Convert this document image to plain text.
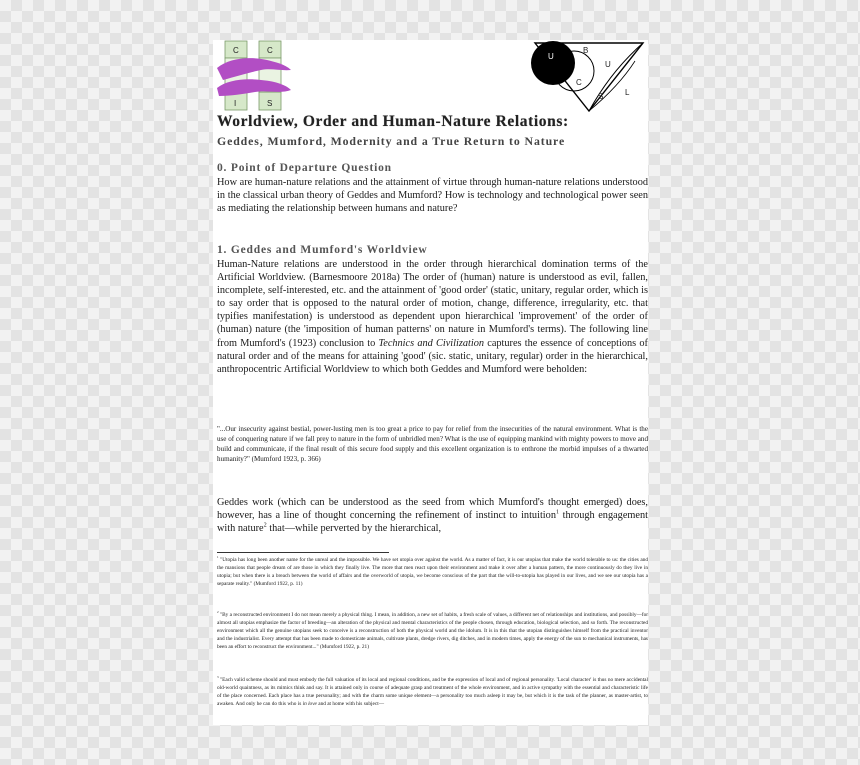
C	C
I	S
U
B
U
C
S	L
Worldview, Order and Human-Nature Relations:
Geddes, Mumford, Modernity and a True Return to Nature
0. Point of Departure Question
How are human-nature relations and the attainment of virtue through human-nature relations understood in the classical urban theory of Geddes and Mumford? How is technology and technological power seen as mediating the relationship between humans and nature?
1. Geddes and Mumford's Worldview
Human-Nature relations are understood in the order through hierarchical domination terms of the Artificial Worldview. (Barnesmoore 2018a) The order of (human) nature is understood as evil, fallen, incomplete, self-interested, etc. and the attainment of 'good order' (static, unitary, regular order, which is to say order that is opposed to the natural order of motion, change, difference, irregularity, etc. that typifies manifestation) is understood as dependent upon hierarchical 'improvement' of the order of (human) nature (the 'imposition of human patterns' on nature in Mumford's terms). The following line from Mumford's (1923) conclusion to Technics and Civilization captures the essence of conceptions of natural order and of the means for attaining 'good' (sic. static, unitary, regular) order in the hierarchical, anthropocentric Artificial Worldview to which both Geddes and Mumford were beholden:
"...Our insecurity against bestial, power-lusting men is too great a price to pay for relief from the insecurities of the natural environment. What is the use of conquering nature if we fall prey to nature in the form of unbridled men? What is the use of equipping mankind with mighty powers to move and build and communicate, if the final result of this secure food supply and this excellent organization is to enthrone the morbid impulses of a thwarted humanity?" (Mumford 1923, p. 366)
Geddes work (which can be understood as the seed from which Mumford's thought emerged) does, however, has a line of thought concerning the refinement of instinct to intuition$^1$ through engagement with nature$^2$ that—while perverted by the hierarchical,
$^1$ "Utopia has long been another name for the unreal and the impossible. We have set utopia over against the world. As a matter of fact, it is our utopias that make the world tolerable to us: the cities and the mansions that people dream of are those in which they finally live. The more that men react upon their environment and make it over after a human pattern, the more continuously do they live in utopia; but when there is a breach between the world of affairs and the overworld of utopia, we become conscious of the part that the will-to-utopia has played in our lives, and we see our utopia has a separate reality." (Mumford 1922, p. 11)
$^2$ "By a reconstructed environment I do not mean merely a physical thing. I mean, in addition, a new set of habits, a fresh scale of values, a different net of relationships and institutions, and possibly—for almost all utopias emphasize the factor of breeding—an alteration of the physical and mental characteristics of the people chosen, through education, biological selection, and so forth. The reconstructed environment which all the genuine utopians seek to conceive is a reconstruction of both the physical world and the idolum. It is in this that the utopian distinguishes himself from the practical inventor and the industrialist. Every attempt that has been made to domesticate animals, cultivate plants, dredge rivers, dig ditches, and in modern times, apply the energy of the sun to mechanical instruments, has been an effort to reconstruct the environment..." (Mumford 1922, p. 21)
$^3$ "Each valid scheme should and must embody the full valuation of its local and regional conditions, and be the expression of local and of regional personality. 'Local character' is thus no mere accidental old-world quaintness, as its mimics think and say. It is attained only in course of adequate grasp and treatment of the whole environment, and in active sympathy with the essential and characteristic life of the place concerned. Each place has a true personality; and with the charm some unique element—a personality too much asleep it may be, but which it is the task of the planner, as master-artist, to awaken. And only he can do this who is in love and at home with his subject—
